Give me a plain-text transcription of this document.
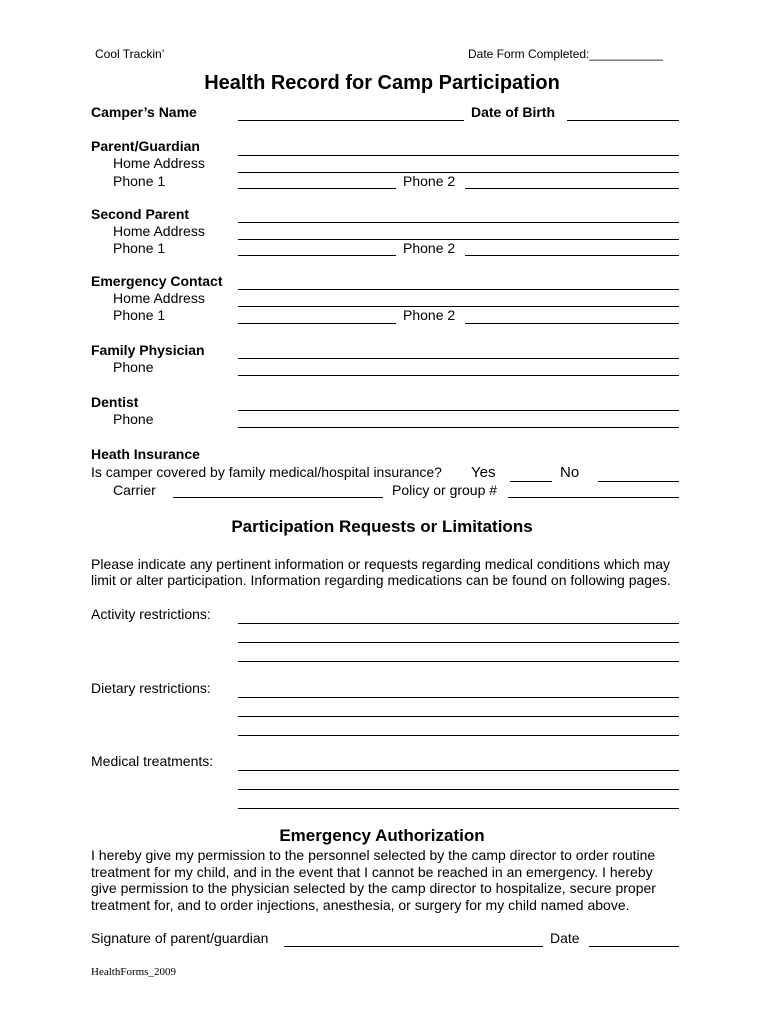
Cool Trackin’	Date Form Completed:___________
Health Record for Camp Participation
Camper’s Name	Date of Birth
Parent/Guardian
Home Address
Phone 1	Phone 2
Second Parent
Home Address
Phone 1	Phone 2
Emergency Contact
Home Address
Phone 1	Phone 2
Family Physician
Phone
Dentist
Phone
Heath Insurance
Is camper covered by family medical/hospital insurance? Yes	No
Carrier	Policy or group #
Participation Requests or Limitations
Please indicate any pertinent information or requests regarding medical conditions which may
limit or alter participation. Information regarding medications can be found on following pages.
Activity restrictions:
Dietary restrictions:
Medical treatments:
Emergency Authorization
I hereby give my permission to the personnel selected by the camp director to order routine
treatment for my child, and in the event that I cannot be reached in an emergency. I hereby
give permission to the physician selected by the camp director to hospitalize, secure proper
treatment for, and to order injections, anesthesia, or surgery for my child named above.
Signature of parent/guardian	Date
HealthForms_2009
